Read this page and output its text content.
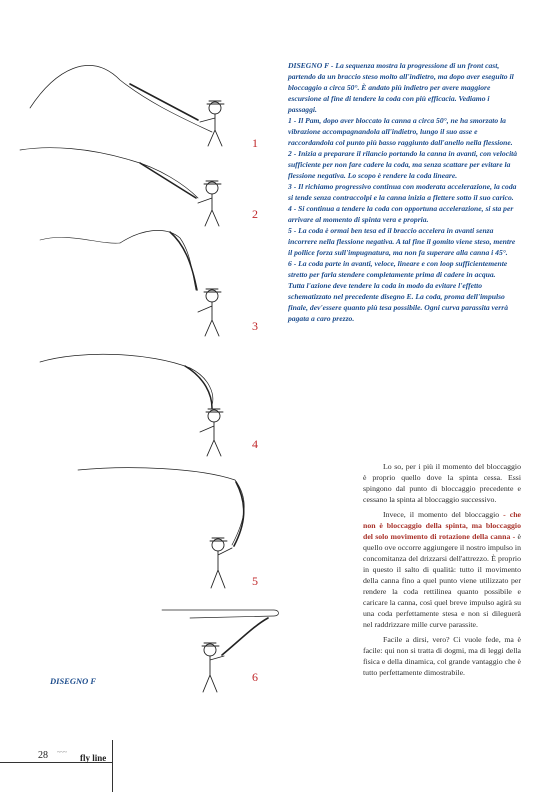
1
2
3
4
5
6

DISEGNO F - La sequenza mostra la progressione di un front cast, partendo da un braccio steso molto all'indietro, ma dopo aver eseguito il bloccaggio a circa 50°. È andato più indietro per avere maggiore escursione al fine di tendere la coda con più efficacia. Vediamo i passaggi.

1 - Il Pam, dopo aver bloccato la canna a circa 50°, ne ha smorzato la vibrazione accompagnandola all'indietro, lungo il suo asse e raccordandola col punto più basso raggiunto dall'anello nella flessione.

2 - Inizia a preparare il rilancio portando la canna in avanti, con velocità sufficiente per non fare cadere la coda, ma senza scattare per evitare la flessione negativa. Lo scopo è rendere la coda lineare.

3 - Il richiamo progressivo continua con moderata accelerazione, la coda si tende senza contraccolpi e la canna inizia a flettere sotto il suo carico.

4 - Si continua a tendere la coda con opportuna accelerazione, si sta per arrivare al momento di spinta vera e propria.

5 - La coda è ormai ben tesa ed il braccio accelera in avanti senza incorrere nella flessione negativa. A tal fine il gomito viene steso, mentre il pollice forza sull'impugnatura, ma non fa superare alla canna i 45°.

6 - La coda parte in avanti, veloce, lineare e con loop sufficientemente stretto per farla stendere completamente prima di cadere in acqua.

Tutta l'azione deve tendere la coda in modo da evitare l'effetto schematizzato nel precedente disegno E. La coda, proma dell'impulso finale, dev'essere quanto più tesa possibile. Ogni curva parassita verrà pagata a caro prezzo.

Lo so, per i più il momento del bloccaggio è proprio quello dove la spinta cessa. Essi spingono dal punto di bloccaggio precedente e cessano la spinta al bloccaggio successivo.

Invece, il momento del bloccaggio - che non è bloccaggio della spinta, ma bloccaggio del solo movimento di rotazione della canna - è quello ove occorre aggiungere il nostro impulso in concomitanza del drizzarsi dell'attrezzo. È proprio in questo il salto di qualità: tutto il movimento della canna fino a quel punto viene utilizzato per rendere la coda rettilinea quanto possibile e caricare la canna, così quel breve impulso agirà su una coda perfettamente stesa e non si dileguerà nel raddrizzare mille curve parassite.

Facile a dirsi, vero? Ci vuole fede, ma è facile: qui non si tratta di dogmi, ma di leggi della fisica e della dinamica, col grande vantaggio che è tutto perfettamente dimostrabile.

DISEGNO F
28 ~~~ fly line
